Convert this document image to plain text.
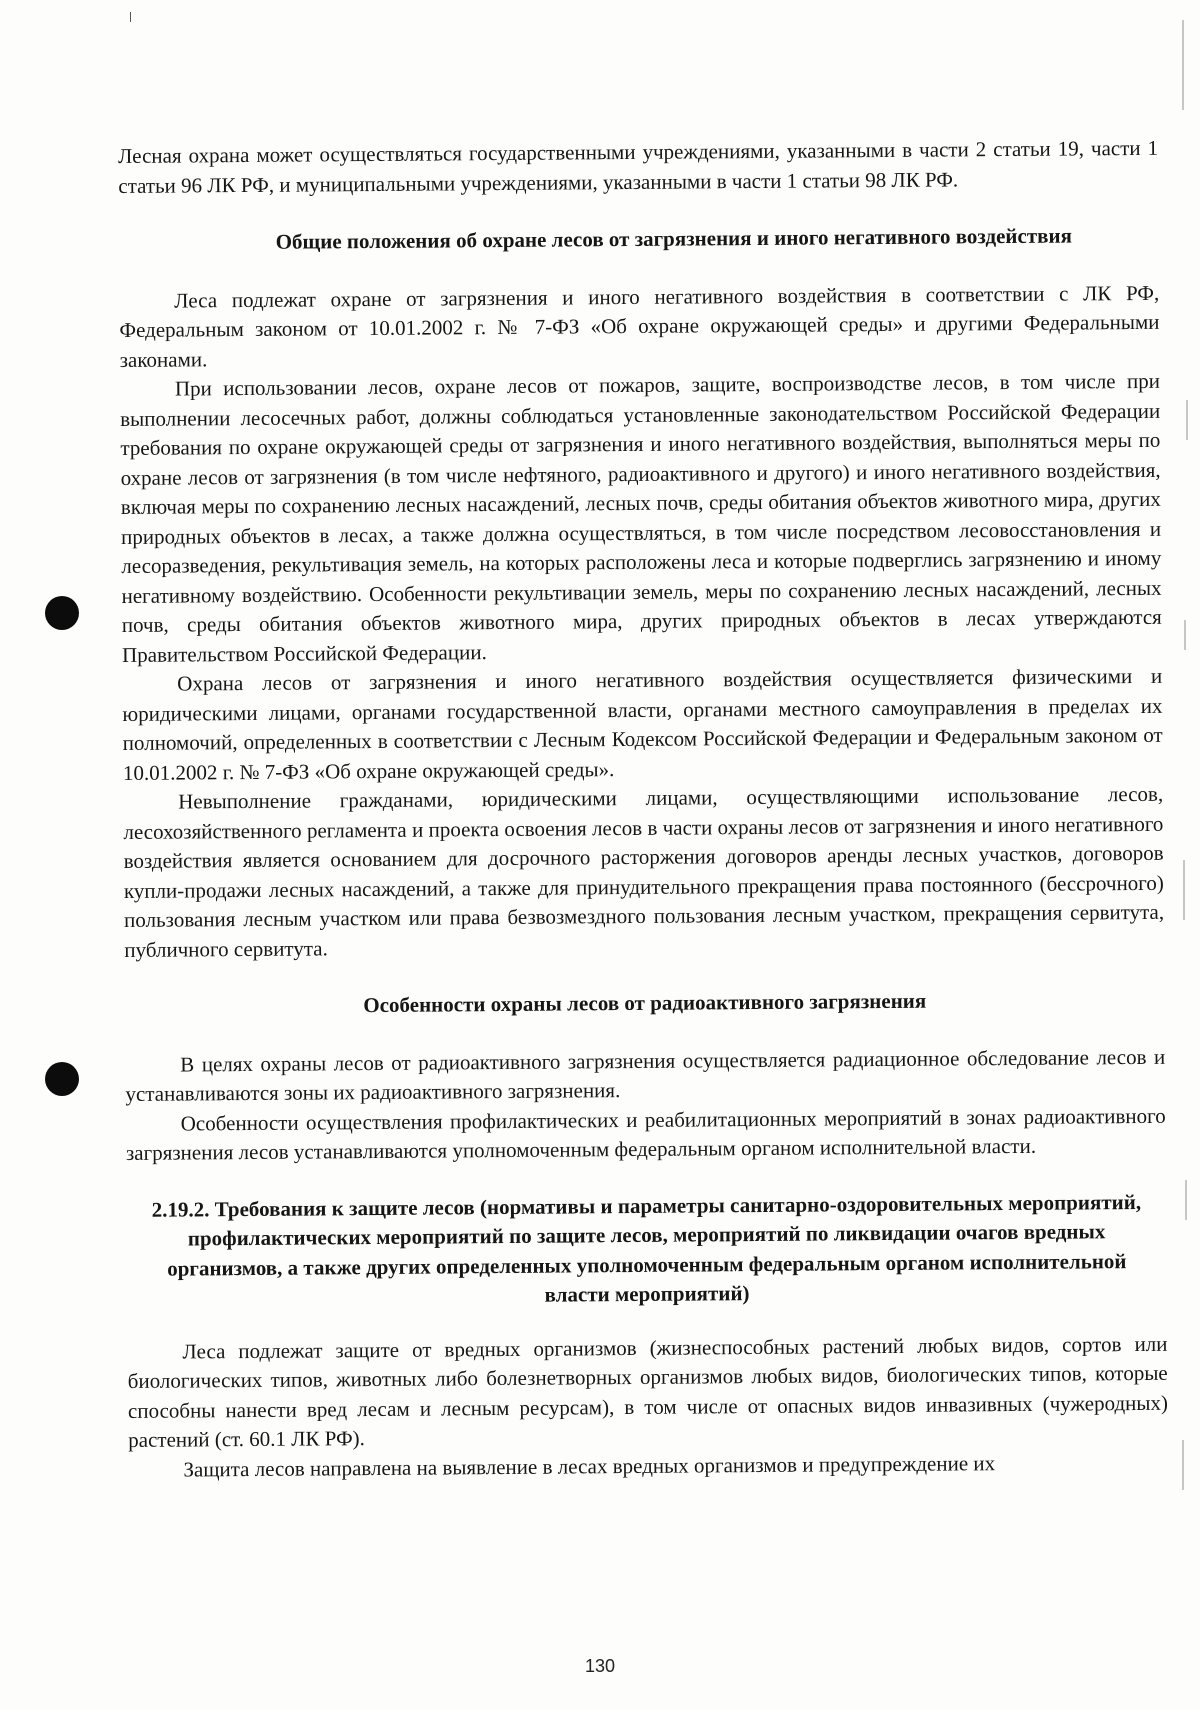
Лесная охрана может осуществляться государственными учреждениями, указанными в части 2 статьи 19, части 1 статьи 96 ЛК РФ, и муниципальными учреждениями, указанными в части 1 статьи 98 ЛК РФ.

Общие положения об охране лесов от загрязнения и иного негативного воздействия

Леса подлежат охране от загрязнения и иного негативного воздействия в соответствии с ЛК РФ, Федеральным законом от 10.01.2002 г. № 7-ФЗ «Об охране окружающей среды» и другими Федеральными законами.

При использовании лесов, охране лесов от пожаров, защите, воспроизводстве лесов, в том числе при выполнении лесосечных работ, должны соблюдаться установленные законодательством Российской Федерации требования по охране окружающей среды от загрязнения и иного негативного воздействия, выполняться меры по охране лесов от загрязнения (в том числе нефтяного, радиоактивного и другого) и иного негативного воздействия, включая меры по сохранению лесных насаждений, лесных почв, среды обитания объектов животного мира, других природных объектов в лесах, а также должна осуществляться, в том числе посредством лесовосстановления и лесоразведения, рекультивация земель, на которых расположены леса и которые подверглись загрязнению и иному негативному воздействию. Особенности рекультивации земель, меры по сохранению лесных насаждений, лесных почв, среды обитания объектов животного мира, других природных объектов в лесах утверждаются Правительством Российской Федерации.

Охрана лесов от загрязнения и иного негативного воздействия осуществляется физическими и юридическими лицами, органами государственной власти, органами местного самоуправления в пределах их полномочий, определенных в соответствии с Лесным Кодексом Российской Федерации и Федеральным законом от 10.01.2002 г. № 7-ФЗ «Об охране окружающей среды».

Невыполнение гражданами, юридическими лицами, осуществляющими использование лесов, лесохозяйственного регламента и проекта освоения лесов в части охраны лесов от загрязнения и иного негативного воздействия является основанием для досрочного расторжения договоров аренды лесных участков, договоров купли-продажи лесных насаждений, а также для принудительного прекращения права постоянного (бессрочного) пользования лесным участком или права безвозмездного пользования лесным участком, прекращения сервитута, публичного сервитута.

Особенности охраны лесов от радиоактивного загрязнения

В целях охраны лесов от радиоактивного загрязнения осуществляется радиационное обследование лесов и устанавливаются зоны их радиоактивного загрязнения.

Особенности осуществления профилактических и реабилитационных мероприятий в зонах радиоактивного загрязнения лесов устанавливаются уполномоченным федеральным органом исполнительной власти.

2.19.2. Требования к защите лесов (нормативы и параметры санитарно-оздоровительных мероприятий, профилактических мероприятий по защите лесов, мероприятий по ликвидации очагов вредных организмов, а также других определенных уполномоченным федеральным органом исполнительной власти мероприятий)

Леса подлежат защите от вредных организмов (жизнеспособных растений любых видов, сортов или биологических типов, животных либо болезнетворных организмов любых видов, биологических типов, которые способны нанести вред лесам и лесным ресурсам), в том числе от опасных видов инвазивных (чужеродных) растений (ст. 60.1 ЛК РФ).

Защита лесов направлена на выявление в лесах вредных организмов и предупреждение их

130
